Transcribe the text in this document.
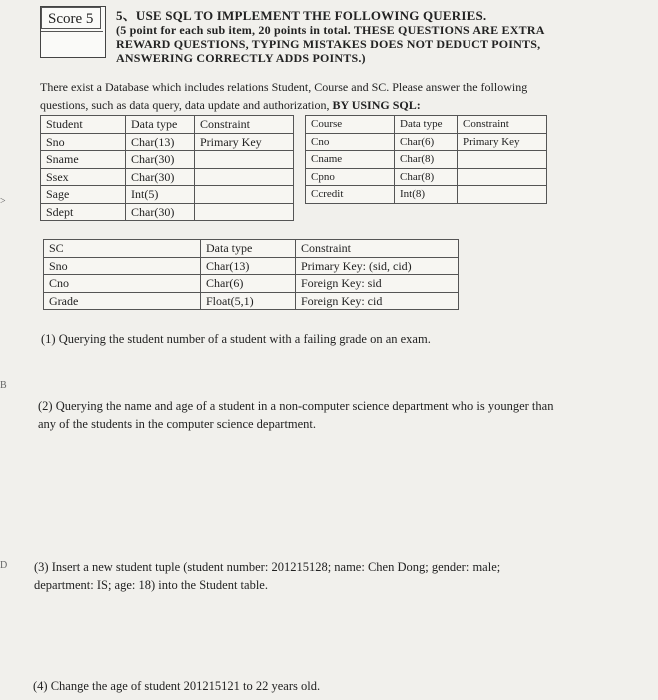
>
B
D
Score 5	5、USE SQL TO IMPLEMENT THE FOLLOWING QUERIES.
(5 point for each sub item, 20 points in total. THESE QUESTIONS ARE EXTRA
REWARD QUESTIONS, TYPING MISTAKES DOES NOT DEDUCT POINTS,
ANSWERING CORRECTLY ADDS POINTS.)
There exist a Database which includes relations Student, Course and SC. Please answer the following
questions, such as data query, data update and authorization, BY USING SQL:
Student	Data type	Constraint
Sno	Char(13)	Primary Key
Sname	Char(30)	
Ssex	Char(30)	
Sage	Int(5)	
Sdept	Char(30)	
Course	Data type	Constraint
Cno	Char(6)	Primary Key
Cname	Char(8)	
Cpno	Char(8)	
Ccredit	Int(8)	
SC	Data type	Constraint
Sno	Char(13)	Primary Key: (sid, cid)
Cno	Char(6)	Foreign Key: sid
Grade	Float(5,1)	Foreign Key: cid
(1) Querying the student number of a student with a failing grade on an exam.
(2) Querying the name and age of a student in a non-computer science department who is younger than
any of the students in the computer science department.
(3) Insert a new student tuple (student number: 201215128; name: Chen Dong; gender: male;
department: IS; age: 18) into the Student table.
(4) Change the age of student 201215121 to 22 years old.
